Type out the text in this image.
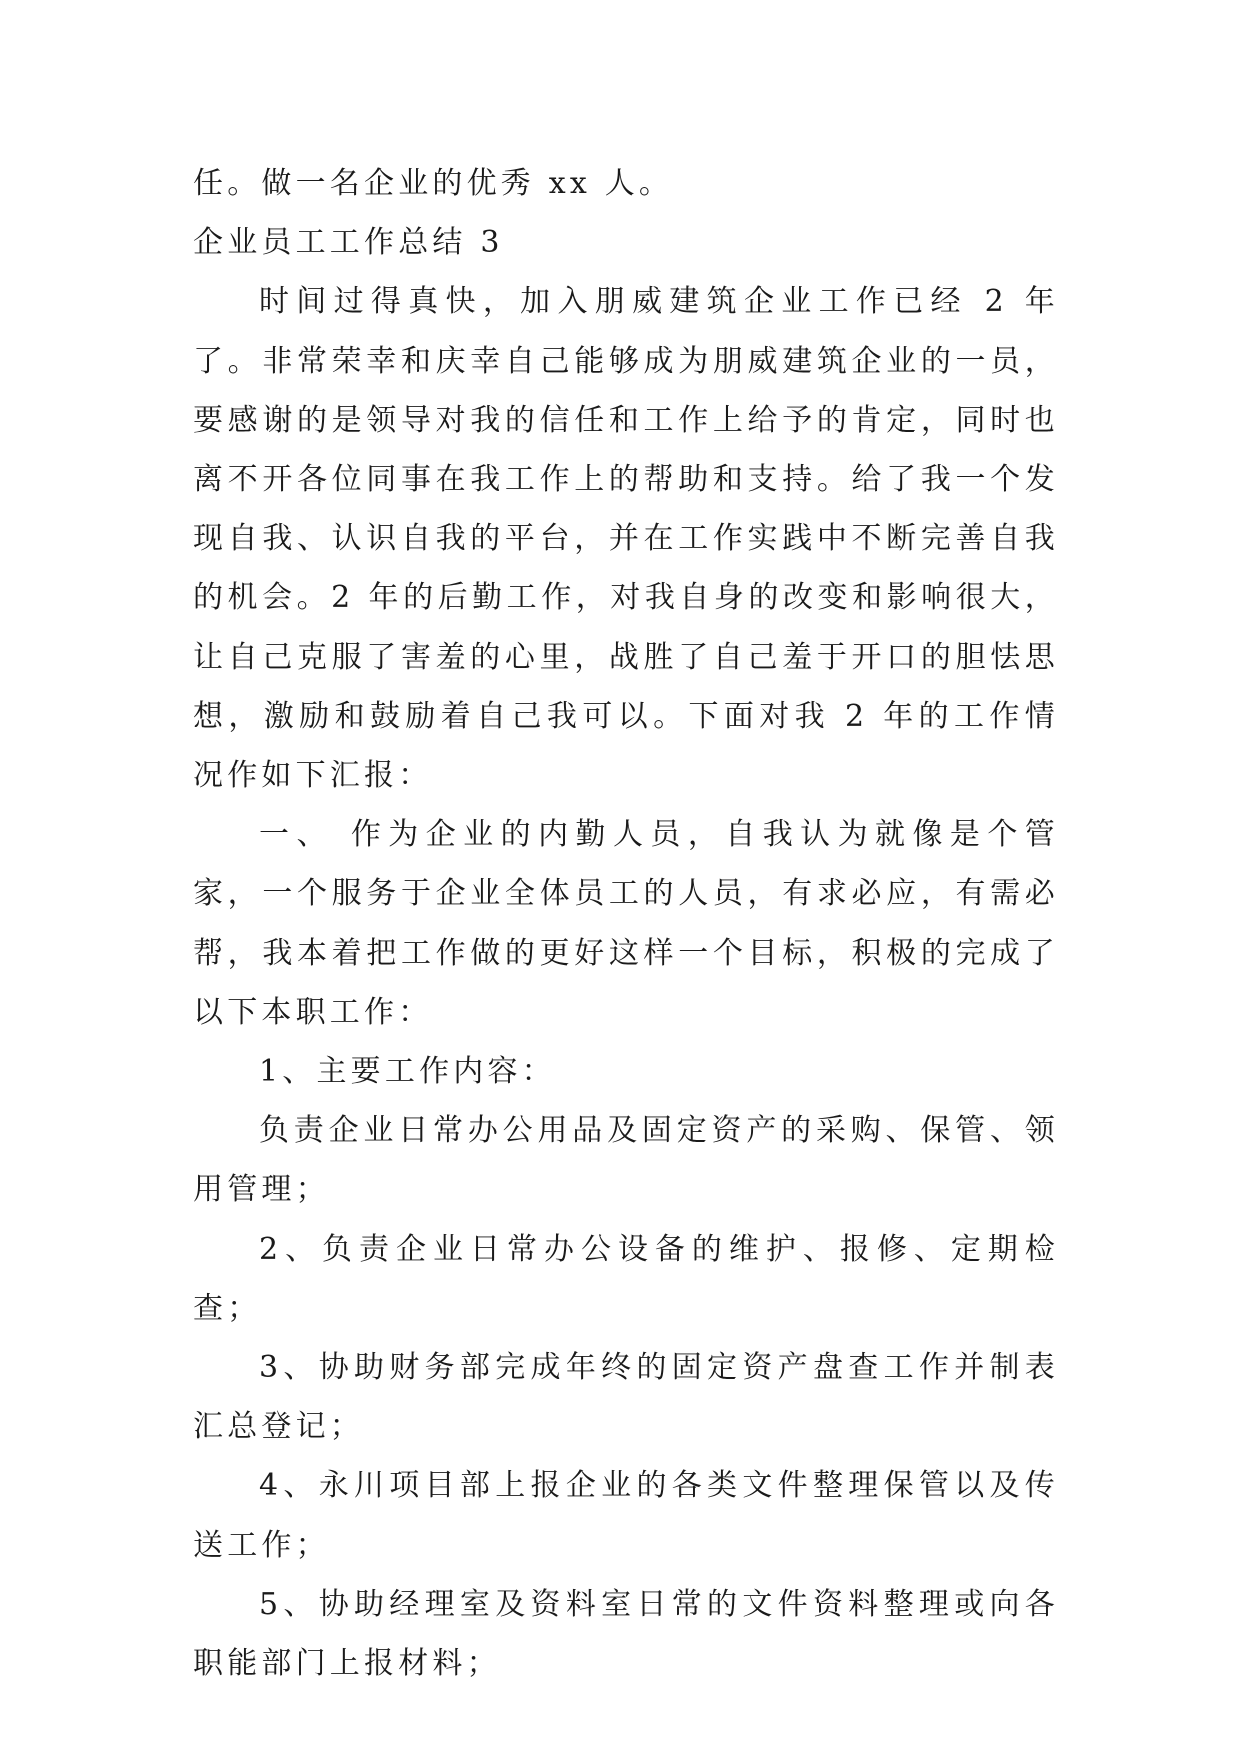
任。做一名企业的优秀 xx 人。

企业员工工作总结 3

时间过得真快，加入朋威建筑企业工作已经 2 年了。非常荣幸和庆幸自己能够成为朋威建筑企业的一员，要感谢的是领导对我的信任和工作上给予的肯定，同时也离不开各位同事在我工作上的帮助和支持。给了我一个发现自我、认识自我的平台，并在工作实践中不断完善自我的机会。2 年的后勤工作，对我自身的改变和影响很大，让自己克服了害羞的心里，战胜了自己羞于开口的胆怯思想，激励和鼓励着自己我可以。下面对我 2 年的工作情况作如下汇报：

一、 作为企业的内勤人员，自我认为就像是个管家，一个服务于企业全体员工的人员，有求必应，有需必帮，我本着把工作做的更好这样一个目标，积极的完成了以下本职工作：

1、主要工作内容：

负责企业日常办公用品及固定资产的采购、保管、领用管理；

2、负责企业日常办公设备的维护、报修、定期检查；

3、协助财务部完成年终的固定资产盘查工作并制表汇总登记；

4、永川项目部上报企业的各类文件整理保管以及传送工作；

5、协助经理室及资料室日常的文件资料整理或向各职能部门上报材料；
